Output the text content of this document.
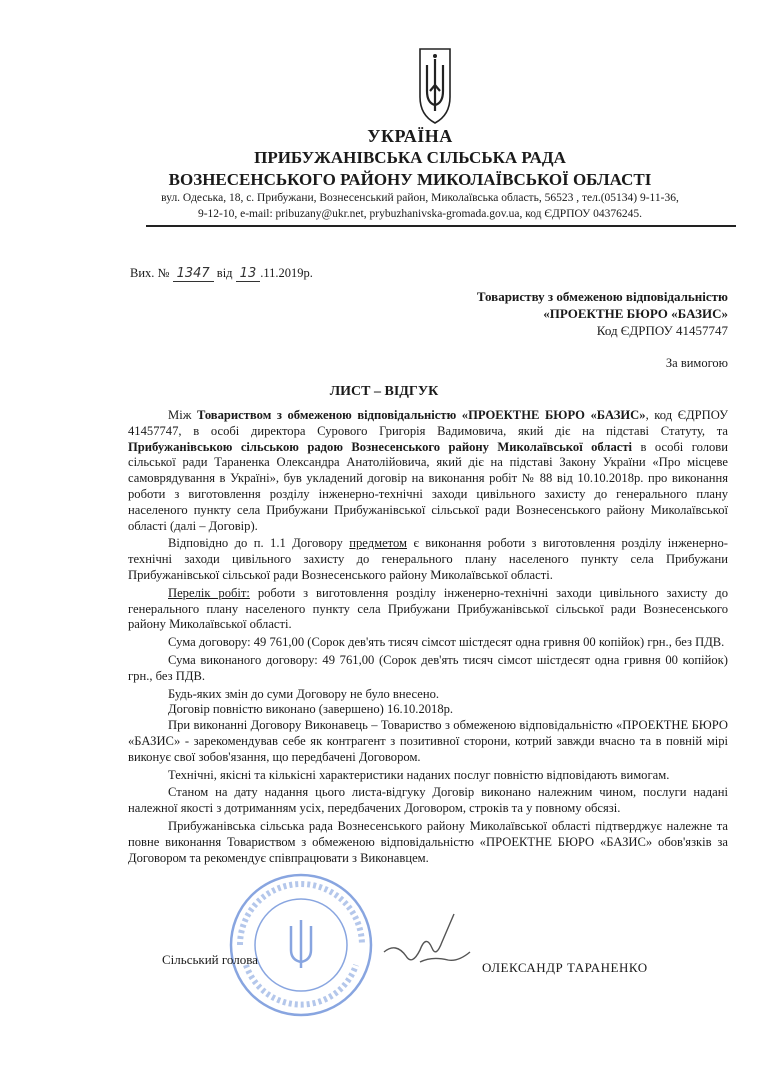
УКРАЇНА
ПРИБУЖАНІВСЬКА СІЛЬСЬКА РАДА
ВОЗНЕСЕНСЬКОГО РАЙОНУ МИКОЛАЇВСЬКОЇ ОБЛАСТІ
вул. Одеська, 18, с. Прибужани, Вознесенський район, Миколаївська область, 56523 , тел.(05134) 9-11-36,
9-12-10, e-mail: pribuzany@ukr.net, prybuzhanivska-gromada.gov.ua, код ЄДРПОУ 04376245.
Вих. № 1347 від 13 .11.2019р.
Товариству з обмеженою відповідальністю
«ПРОЕКТНЕ БЮРО «БАЗИС»
Код ЄДРПОУ 41457747
За вимогою
ЛИСТ – ВІДГУК

Між Товариством з обмеженою відповідальністю «ПРОЕКТНЕ БЮРО «БАЗИС», код ЄДРПОУ 41457747, в особі директора Сурового Григорія Вадимовича, який діє на підставі Статуту, та Прибужанівською сільською радою Вознесенського району Миколаївської області в особі голови сільської ради Тараненка Олександра Анатолійовича, який діє на підставі Закону України «Про місцеве самоврядування в Україні», був укладений договір на виконання робіт № 88 від 10.10.2018р. про виконання роботи з виготовлення розділу інженерно-технічні заходи цивільного захисту до генерального плану населеного пункту села Прибужани Прибужанівської сільської ради Вознесенського району Миколаївської області (далі – Договір).

Відповідно до п. 1.1 Договору предметом є виконання роботи з виготовлення розділу інженерно-технічні заходи цивільного захисту до генерального плану населеного пункту села Прибужани Прибужанівської сільської ради Вознесенського району Миколаївської області.

Перелік робіт: роботи з виготовлення розділу інженерно-технічні заходи цивільного захисту до генерального плану населеного пункту села Прибужани Прибужанівської сільської ради Вознесенського району Миколаївської області.

Сума договору: 49 761,00 (Сорок дев'ять тисяч сімсот шістдесят одна гривня 00 копійок) грн., без ПДВ.

Сума виконаного договору: 49 761,00 (Сорок дев'ять тисяч сімсот шістдесят одна гривня 00 копійок) грн., без ПДВ.

Будь-яких змін до суми Договору не було внесено.

Договір повністю виконано (завершено) 16.10.2018р.

При виконанні Договору Виконавець – Товариство з обмеженою відповідальністю «ПРОЕКТНЕ БЮРО «БАЗИС» - зарекомендував себе як контрагент з позитивної сторони, котрий завжди вчасно та в повній мірі виконує свої зобов'язання, що передбачені Договором.

Технічні, якісні та кількісні характеристики наданих послуг повністю відповідають вимогам.

Станом на дату надання цього листа-відгуку Договір виконано належним чином, послуги надані належної якості з дотриманням усіх, передбачених Договором, строків та у повному обсязі.

Прибужанівська сільська рада Вознесенського району Миколаївської області підтверджує належне та повне виконання Товариством з обмеженою відповідальністю «ПРОЕКТНЕ БЮРО «БАЗИС» обов'язків за Договором та рекомендує співпрацювати з Виконавцем.

Сільський голова
ОЛЕКСАНДР ТАРАНЕНКО
